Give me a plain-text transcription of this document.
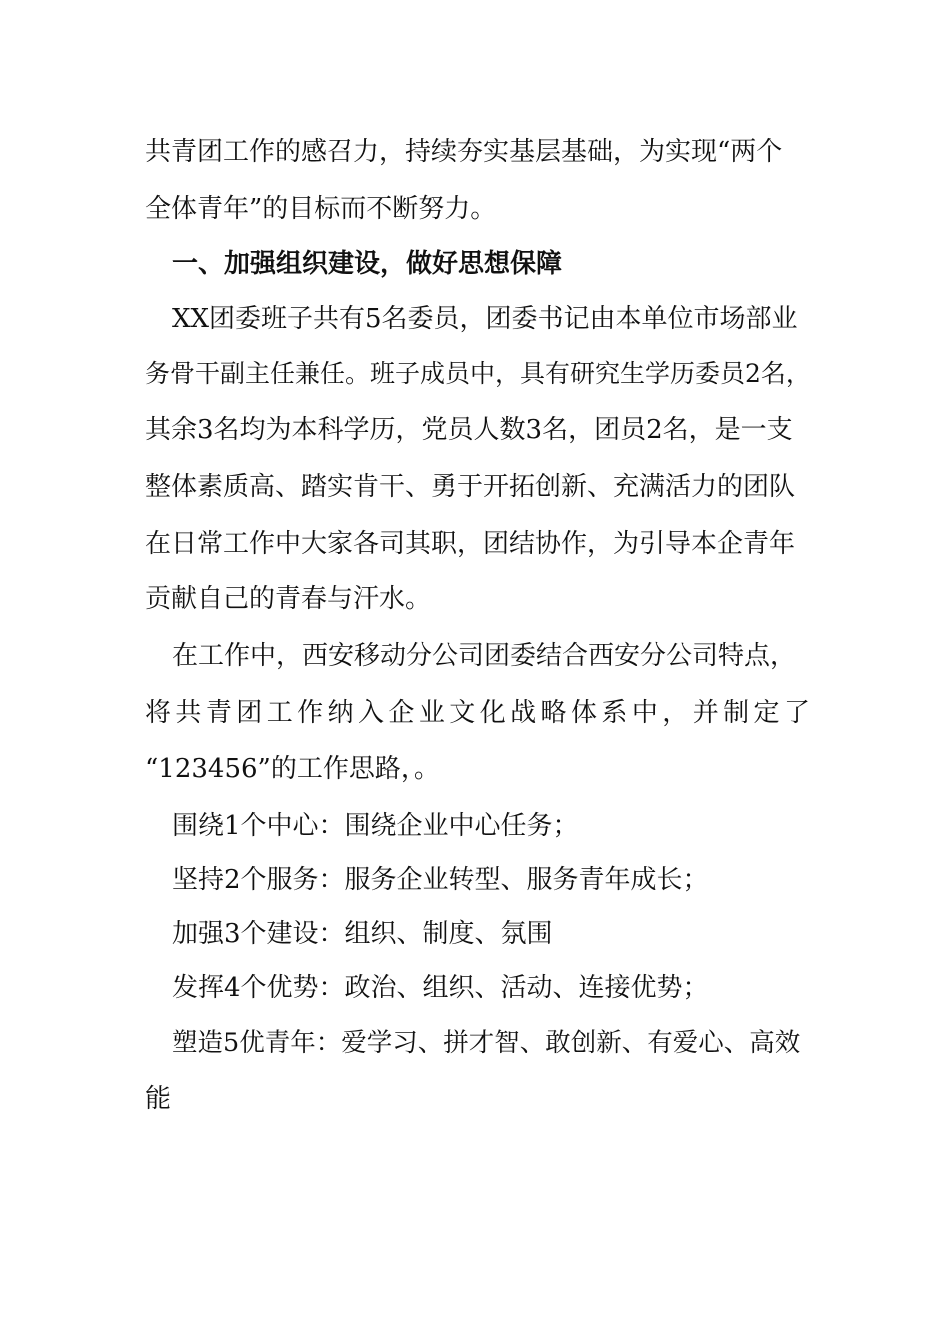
共青团工作的感召力，持续夯实基层基础，为实现“两个
全体青年”的目标而不断努力。
一、加强组织建设，做好思想保障
XX团委班子共有5名委员，团委书记由本单位市场部业
务骨干副主任兼任。班子成员中，具有研究生学历委员2名，
其余3名均为本科学历，党员人数3名，团员2名，是一支
整体素质高、踏实肯干、勇于开拓创新、充满活力的团队
在日常工作中大家各司其职，团结协作，为引导本企青年
贡献自己的青春与汗水。
在工作中，西安移动分公司团委结合西安分公司特点，
将共青团工作纳入企业文化战略体系中，并制定了
“123456”的工作思路，。
围绕1个中心：围绕企业中心任务；
坚持2个服务：服务企业转型、服务青年成长；
加强3个建设：组织、制度、氛围
发挥4个优势：政治、组织、活动、连接优势；
塑造5优青年：爱学习、拼才智、敢创新、有爱心、高效
能
